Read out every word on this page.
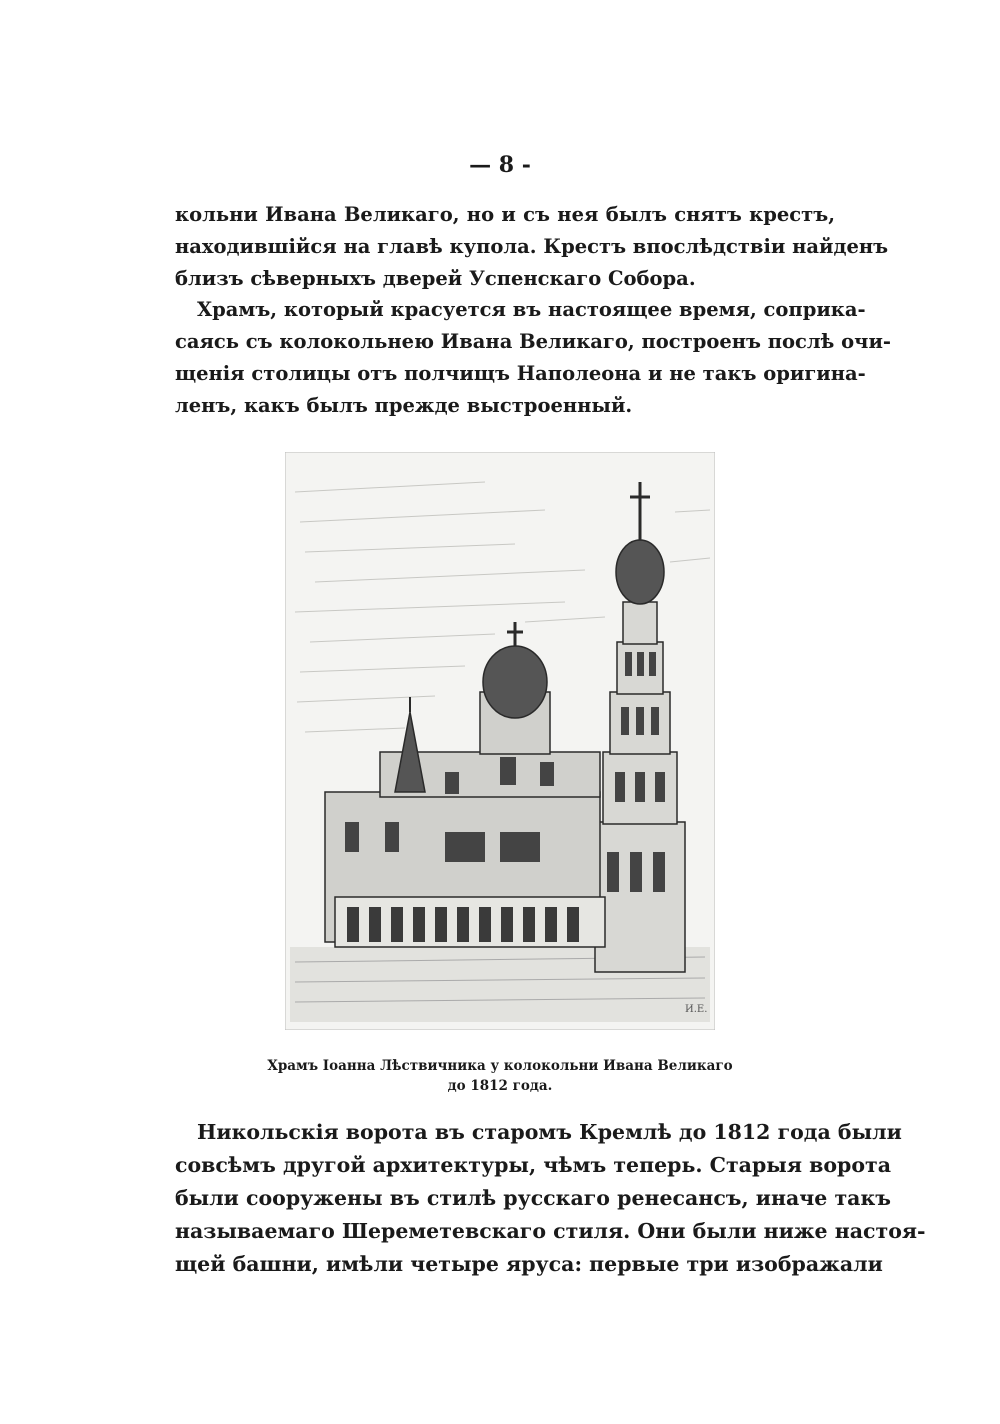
— 8 -

кольни Ивана Великаго, но и съ нея былъ снятъ крестъ,
находившiйся на главѣ купола. Крестъ впослѣдствiи найденъ
близъ сѣверныхъ дверей Успенскаго Собора.

Храмъ, который красуется въ настоящее время, соприка-
саясь съ колокольнею Ивана Великаго, построенъ послѣ очи-
щенiя столицы отъ полчищъ Наполеона и не такъ оригина-
ленъ, какъ былъ прежде выстроенный.

И.Е.
Храмъ Iоанна Лѣствичника у колокольни Ивана Великаго
до 1812 года.

Никольскiя ворота въ старомъ Кремлѣ до 1812 года были
совсѣмъ другой архитектуры, чѣмъ теперь. Старыя ворота
были сооружены въ стилѣ русскаго ренесансъ, иначе такъ
называемаго Шереметевскаго стиля. Они были ниже настоя-
щей башни, имѣли четыре яруса: первые три изображали
